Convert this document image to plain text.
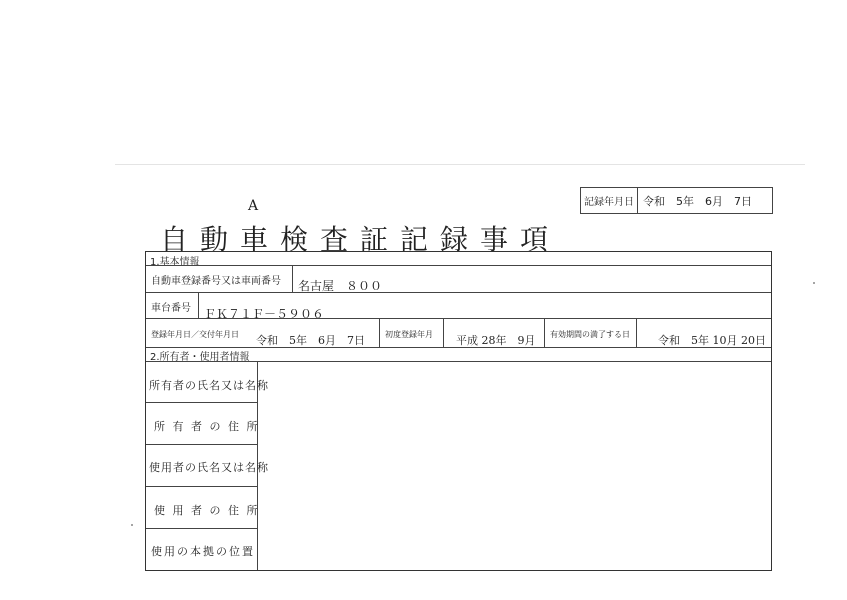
記録年月日 令和　5年　6月　7日
A
自動車検査証記録事項
1.基本情報
自動車登録番号又は車両番号 名古屋　８００
車台番号 ＦＫ７１Ｆ－５９０６
登録年月日／交付年月日 令和　5年　6月　7日	初度登録年月 平成 28年　9月 有効期間の満了する日	令和　5年 10月 20日
2.所有者・使用者情報
所有者の氏名又は名称
所 有 者 の 住 所
使用者の氏名又は名称
使 用 者 の 住 所
使用の本拠の位置
